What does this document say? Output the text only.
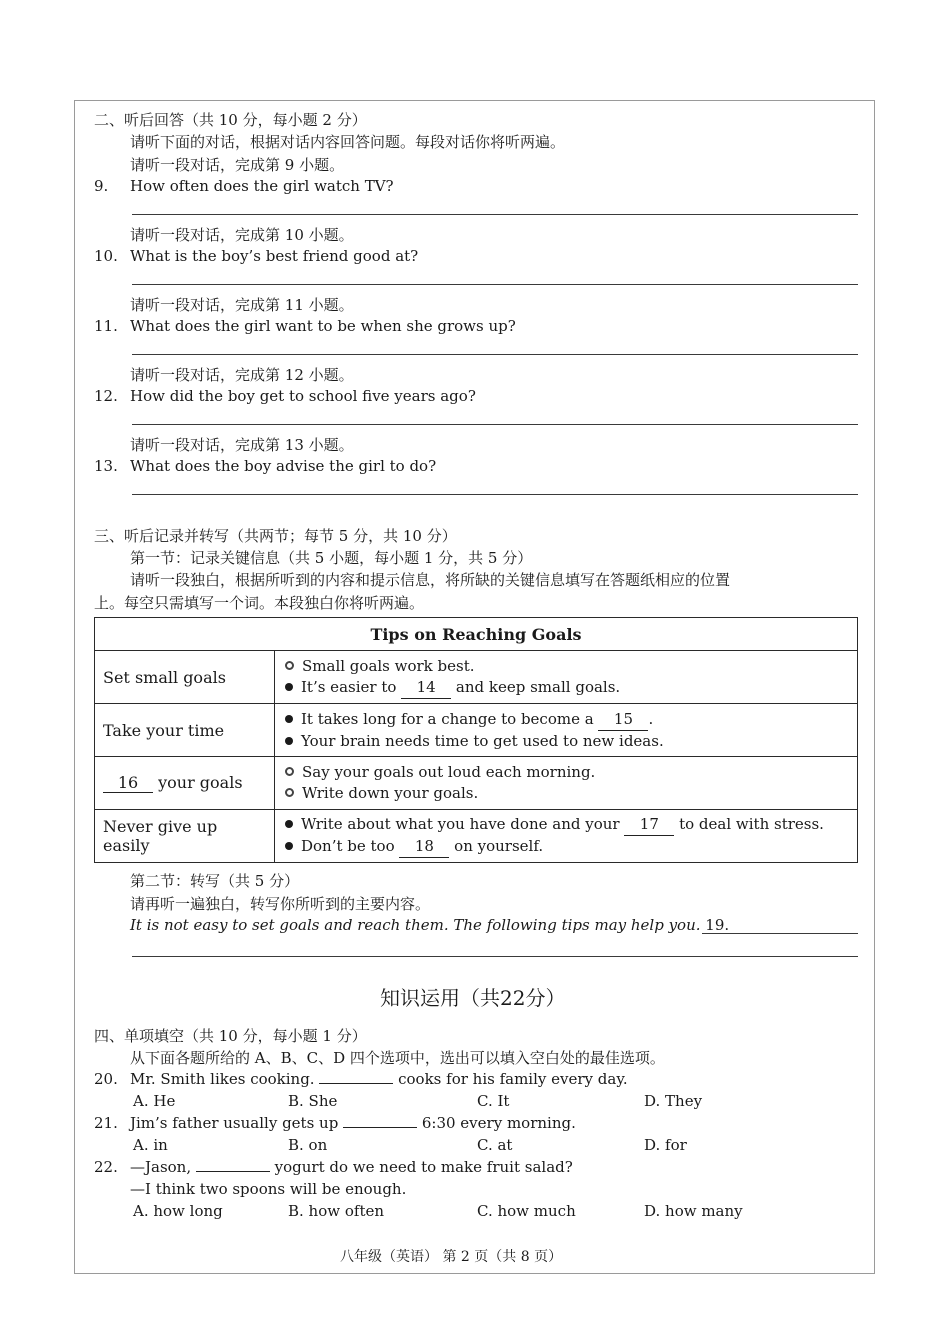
二、听后回答（共 10 分，每小题 2 分）
请听下面的对话，根据对话内容回答问题。每段对话你将听两遍。
请听一段对话，完成第 9 小题。
9. How often does the girl watch TV?
请听一段对话，完成第 10 小题。
10. What is the boy’s best friend good at?
请听一段对话，完成第 11 小题。
11. What does the girl want to be when she grows up?
请听一段对话，完成第 12 小题。
12. How did the boy get to school five years ago?
请听一段对话，完成第 13 小题。
13. What does the boy advise the girl to do?
三、听后记录并转写（共两节；每节 5 分，共 10 分）
第一节：记录关键信息（共 5 小题，每小题 1 分，共 5 分）
请听一段独白，根据所听到的内容和提示信息，将所缺的关键信息填写在答题纸相应的位置
上。每空只需填写一个词。本段独白你将听两遍。
Tips on Reaching Goals	
Set small goals	Small goals work best.
It’s easier to 14 and keep small goals.

Take your time	It takes long for a change to become a 15 .
Your brain needs time to get used to new ideas.

16 your goals	Say your goals out loud each morning.
Write down your goals.

Never give up easily	Write about what you have done and your 17 to deal with stress.
Don’t be too 18 on yourself.
第二节：转写（共 5 分）
请再听一遍独白，转写你所听到的主要内容。
It is not easy to set goals and reach them. The following tips may help you. 19.
知识运用（共22分）
四、单项填空（共 10 分，每小题 1 分）
从下面各题所给的 A、B、C、D 四个选项中，选出可以填入空白处的最佳选项。
20. Mr. Smith likes cooking.	cooks for his family every day.
A. He	B. She	C. It	D. They
21. Jim’s father usually gets up	6:30 every morning.
A. in	B. on	C. at	D. for
22. —Jason,	yogurt do we need to make fruit salad?
—I think two spoons will be enough.
A. how long	B. how often	C. how much	D. how many
八年级（英语） 第 2 页（共 8 页）
